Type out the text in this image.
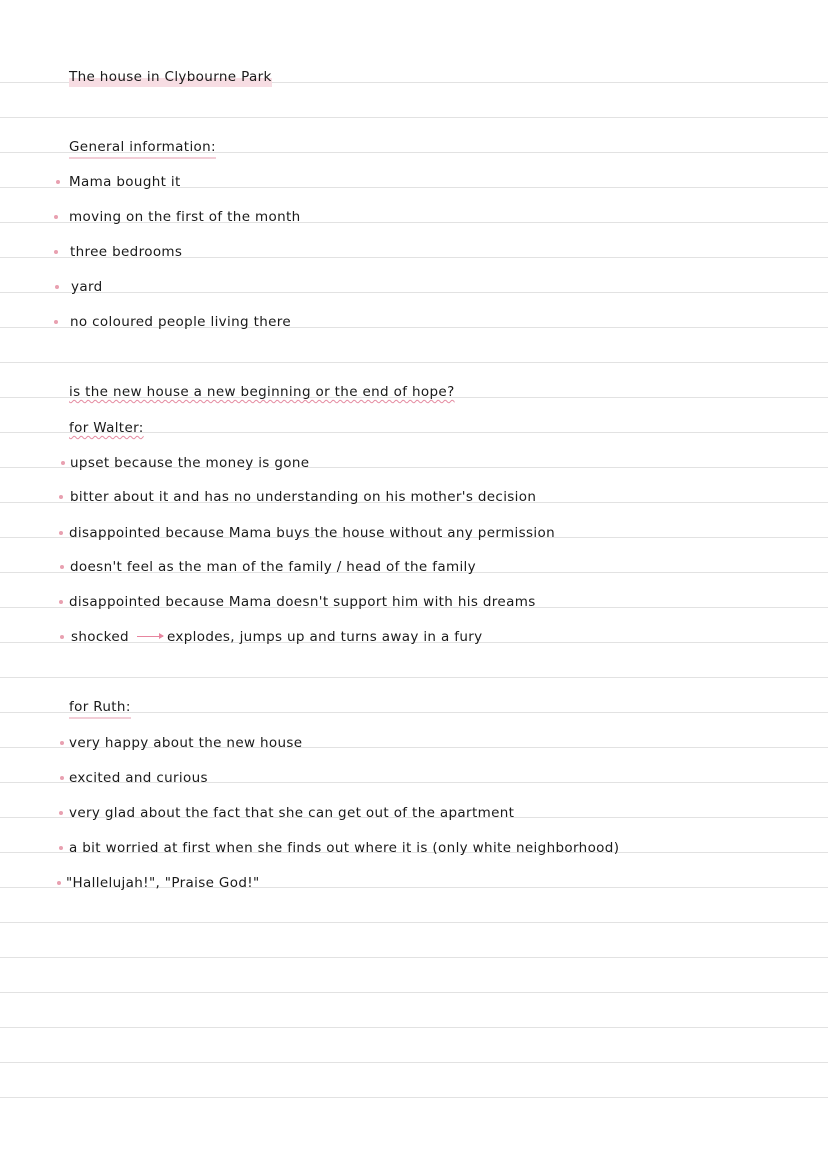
The house in Clybourne Park
General information:
Mama bought it
moving on the first of the month
three bedrooms
yard
no coloured people living there
is the new house a new beginning or the end of hope?
for Walter:
upset because the money is gone
bitter about it and has no understanding on his mother's decision
disappointed because Mama buys the house without any permission
doesn't feel as the man of the family / head of the family
disappointed because Mama doesn't support him with his dreams
shocked	explodes, jumps up and turns away in a fury
for Ruth:
very happy about the new house
excited and curious
very glad about the fact that she can get out of the apartment
a bit worried at first when she finds out where it is (only white neighborhood)
"Hallelujah!", "Praise God!"
